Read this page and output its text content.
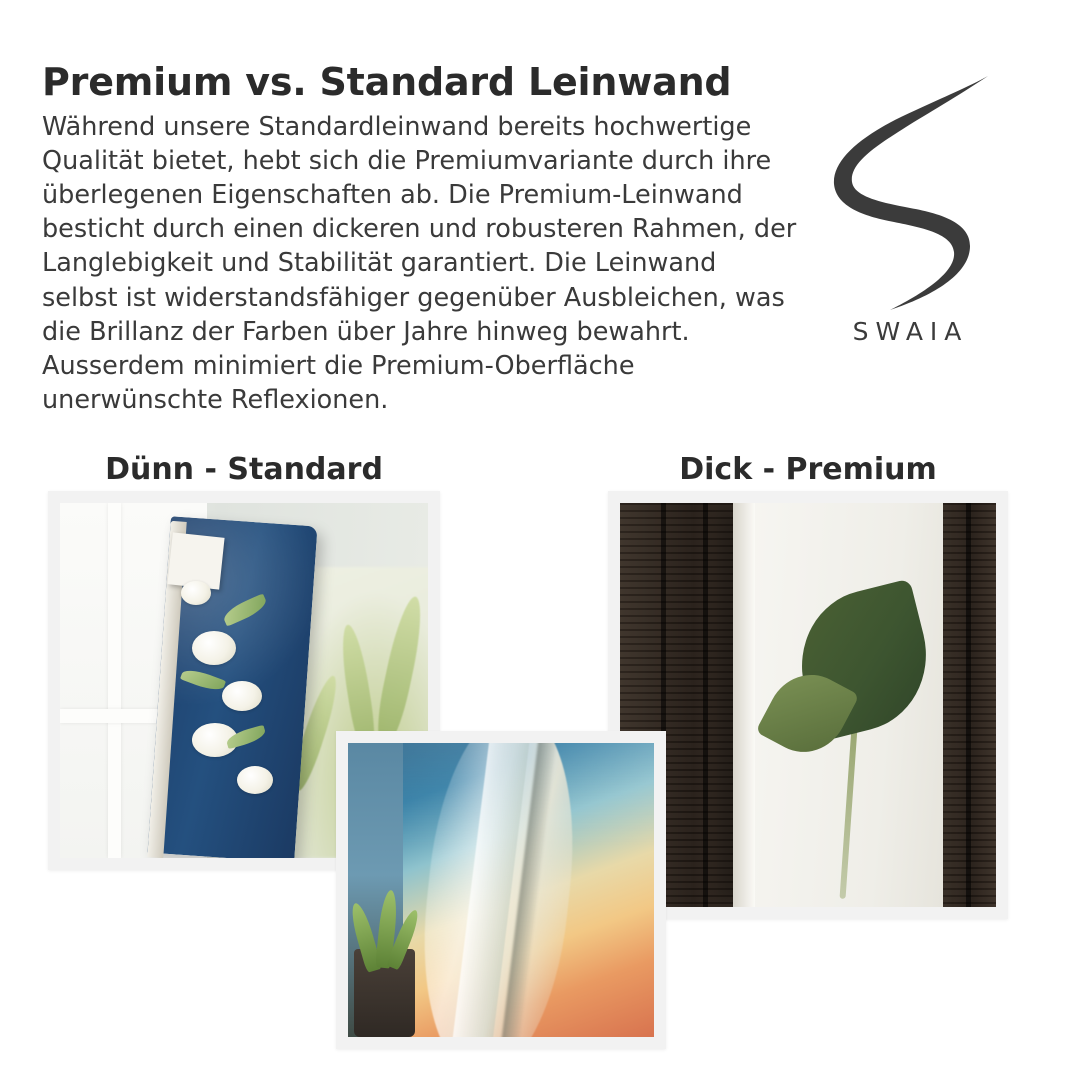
Premium vs. Standard Leinwand

Während unsere Standardleinwand bereits hochwertige Qualität bietet, hebt sich die Premiumvariante durch ihre überlegenen Eigenschaften ab. Die Premium-Leinwand besticht durch einen dickeren und robusteren Rahmen, der Langlebigkeit und Stabilität garantiert. Die Leinwand selbst ist widerstandsfähiger gegenüber Ausbleichen, was die Brillanz der Farben über Jahre hinweg bewahrt. Ausserdem minimiert die Premium-Oberfläche unerwünschte Reflexionen.

SWAIA
Dünn - Standard	Dick - Premium
